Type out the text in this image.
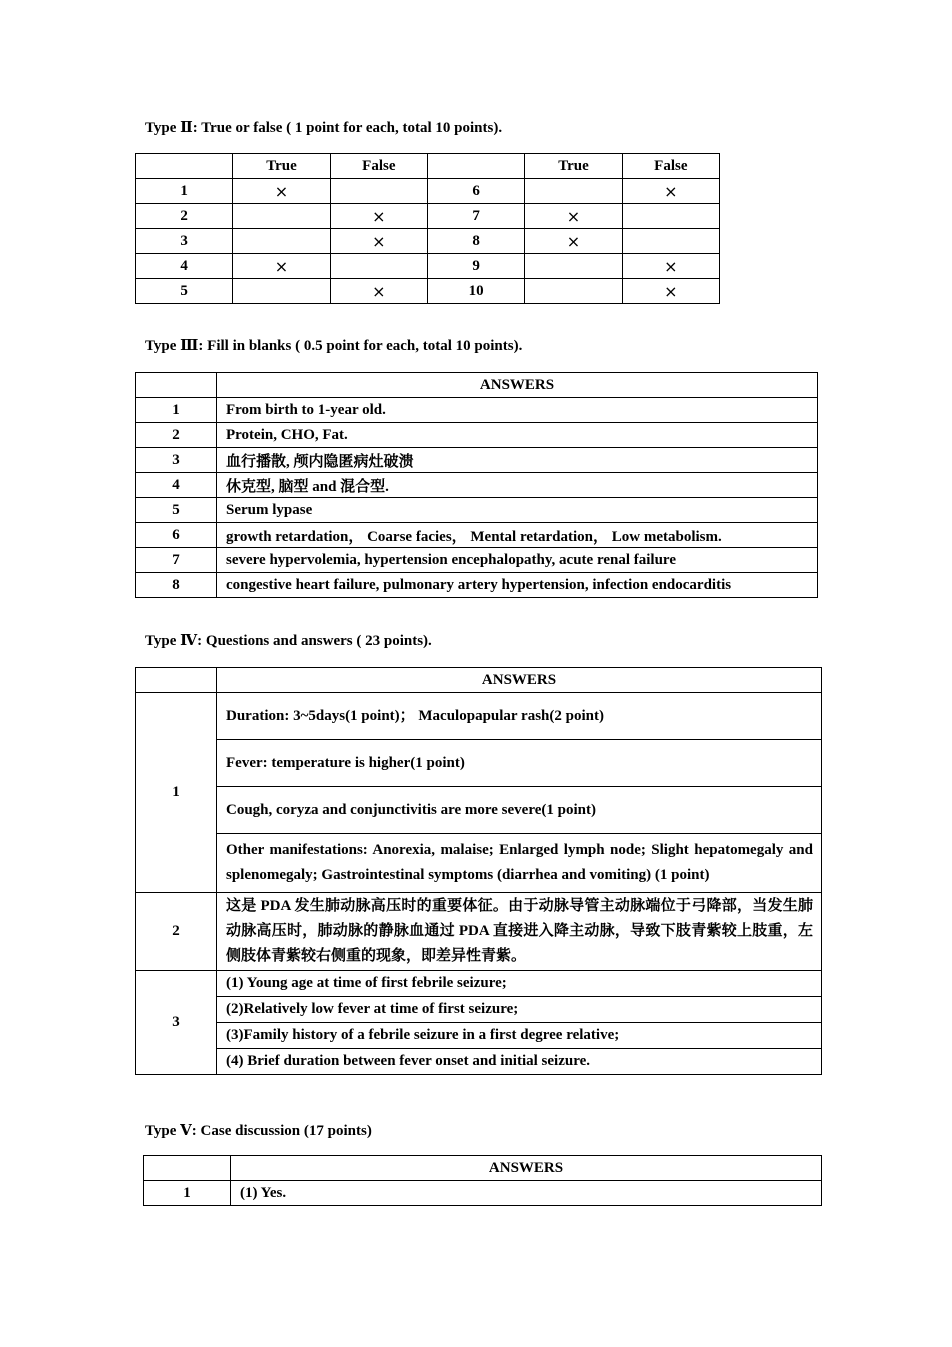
Type Ⅱ: True or false ( 1 point for each, total 10 points).
	True	False		True	False
1	×		6		×
2		×	7	×	
3		×	8	×	
4	×		9		×
5		×	10		×
Type Ⅲ: Fill in blanks ( 0.5 point for each, total 10 points).
	ANSWERS
1	From birth to 1-year old.
2	Protein, CHO, Fat.
3	血行播散, 颅内隐匿病灶破溃
4	休克型, 脑型 and 混合型.
5	Serum lypase
6	growth retardation， Coarse facies， Mental retardation， Low metabolism.
7	severe hypervolemia, hypertension encephalopathy, acute renal failure
8	congestive heart failure, pulmonary artery hypertension, infection endocarditis
Type Ⅳ: Questions and answers ( 23 points).
	ANSWERS
1	Duration: 3~5days(1 point)； Maculopapular rash(2 point)
	Fever: temperature is higher(1 point)
	Cough, coryza and conjunctivitis are more severe(1 point)
	Other manifestations: Anorexia, malaise; Enlarged lymph node; Slight hepatomegaly and splenomegaly; Gastrointestinal symptoms (diarrhea and vomiting) (1 point)
2	这是 PDA 发生肺动脉高压时的重要体征。由于动脉导管主动脉端位于弓降部，当发生肺动脉高压时，肺动脉的静脉血通过 PDA 直接进入降主动脉，导致下肢青紫较上肢重，左侧肢体青紫较右侧重的现象，即差异性青紫。
3	(1) Young age at time of first febrile seizure;
	(2)Relatively low fever at time of first seizure;
	(3)Family history of a febrile seizure in a first degree relative;
	(4) Brief duration between fever onset and initial seizure.
Type Ⅴ: Case discussion (17 points)
	ANSWERS
1	(1) Yes.
